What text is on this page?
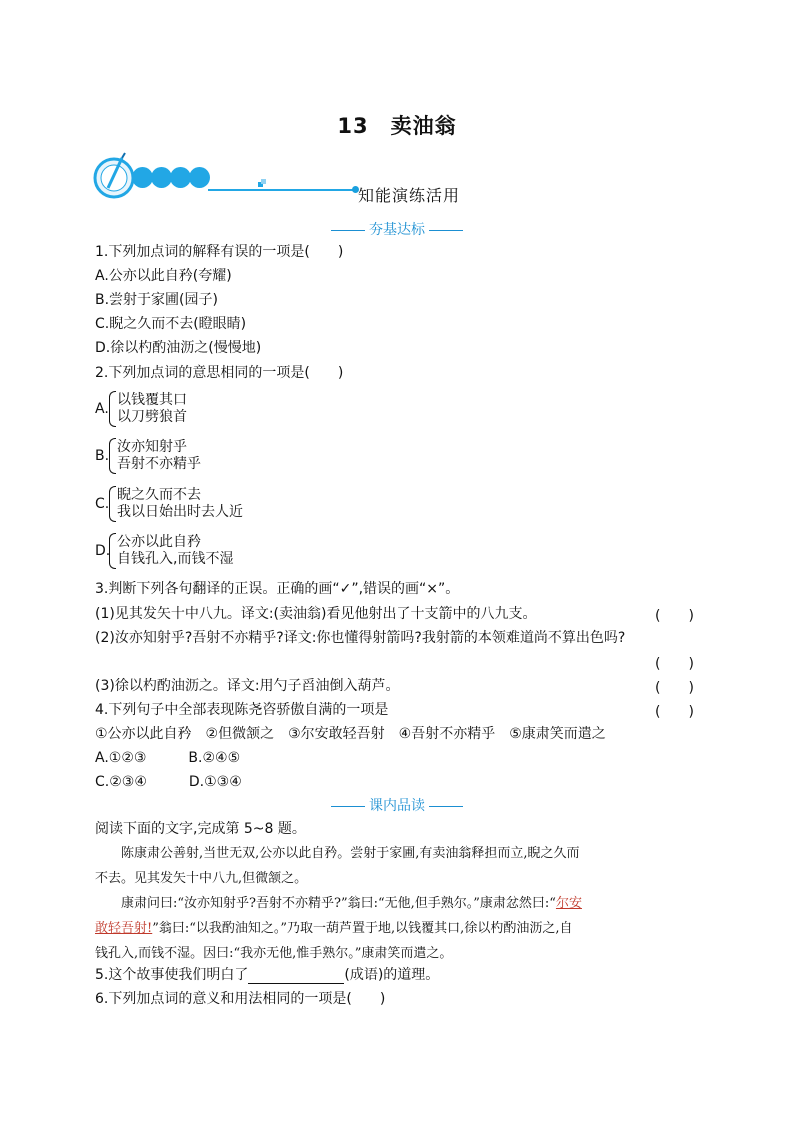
13　卖油翁
知能演练活用
夯基达标
1.下列加点词的解释有误的一项是(　　)
A.公亦以此自矜(夸耀)
B.尝射于家圃(园子)
C.睨之久而不去(瞪眼睛)
D.徐以杓酌油沥之(慢慢地)
2.下列加点词的意思相同的一项是(　　)
A.
以钱覆其口
以刀劈狼首
B.
汝亦知射乎
吾射不亦精乎
C.
睨之久而不去
我以日始出时去人近
D.
公亦以此自矜
自钱孔入,而钱不湿
3.判断下列各句翻译的正误。正确的画“✓”,错误的画“×”。
(1)见其发矢十中八九。译文:(卖油翁)看见他射出了十支箭中的八九支。	(　　)
(2)汝亦知射乎?吾射不亦精乎?译文:你也懂得射箭吗?我射箭的本领难道尚不算出色吗?
(　　)
(3)徐以杓酌油沥之。译文:用勺子舀油倒入葫芦。	(　　)
4.下列句子中全部表现陈尧咨骄傲自满的一项是	(　　)
①公亦以此自矜　②但微颔之　③尔安敢轻吾射　④吾射不亦精乎　⑤康肃笑而遣之
A.①②③　　　B.②④⑤
C.②③④　　　D.①③④
课内品读
阅读下面的文字,完成第 5~8 题。
陈康肃公善射,当世无双,公亦以此自矜。尝射于家圃,有卖油翁释担而立,睨之久而
不去。见其发矢十中八九,但微颔之。
康肃问曰:“汝亦知射乎?吾射不亦精乎?”翁曰:“无他,但手熟尔。”康肃忿然曰:“尔安
敢轻吾射!”翁曰:“以我酌油知之。”乃取一葫芦置于地,以钱覆其口,徐以杓酌油沥之,自
钱孔入,而钱不湿。因曰:“我亦无他,惟手熟尔。”康肃笑而遣之。
5.这个故事使我们明白了	(成语)的道理。
6.下列加点词的意义和用法相同的一项是(　　)
